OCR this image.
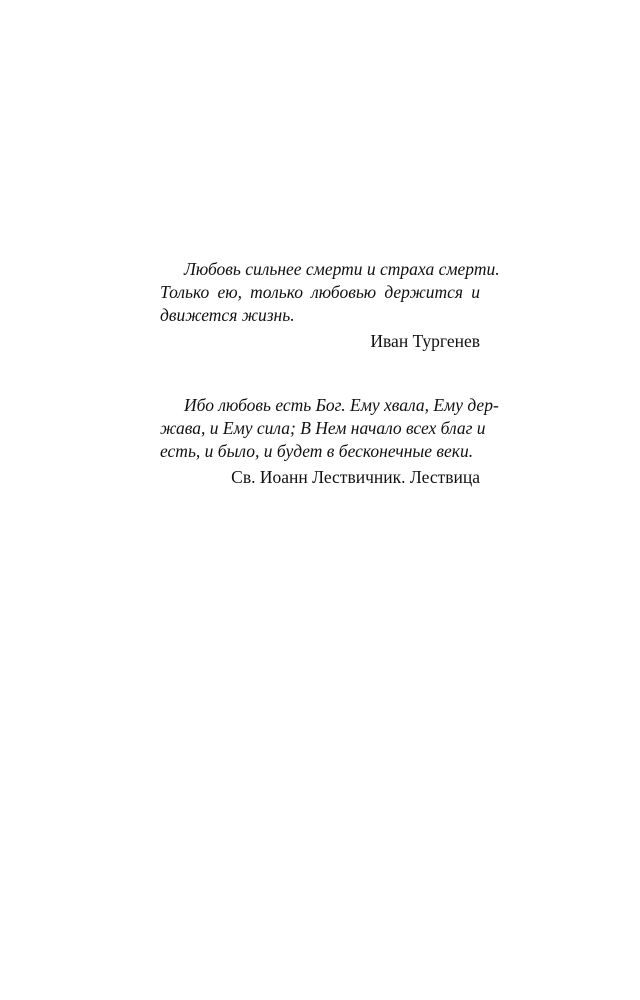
Любовь сильнее смерти и страха смерти.
Только ею, только любовью держится и
движется жизнь.
Иван Тургенев
Ибо любовь есть Бог. Ему хвала, Ему дер-
жава, и Ему сила; В Нем начало всех благ и
есть, и было, и будет в бесконечные веки.
Св. Иоанн Лествичник. Лествица
